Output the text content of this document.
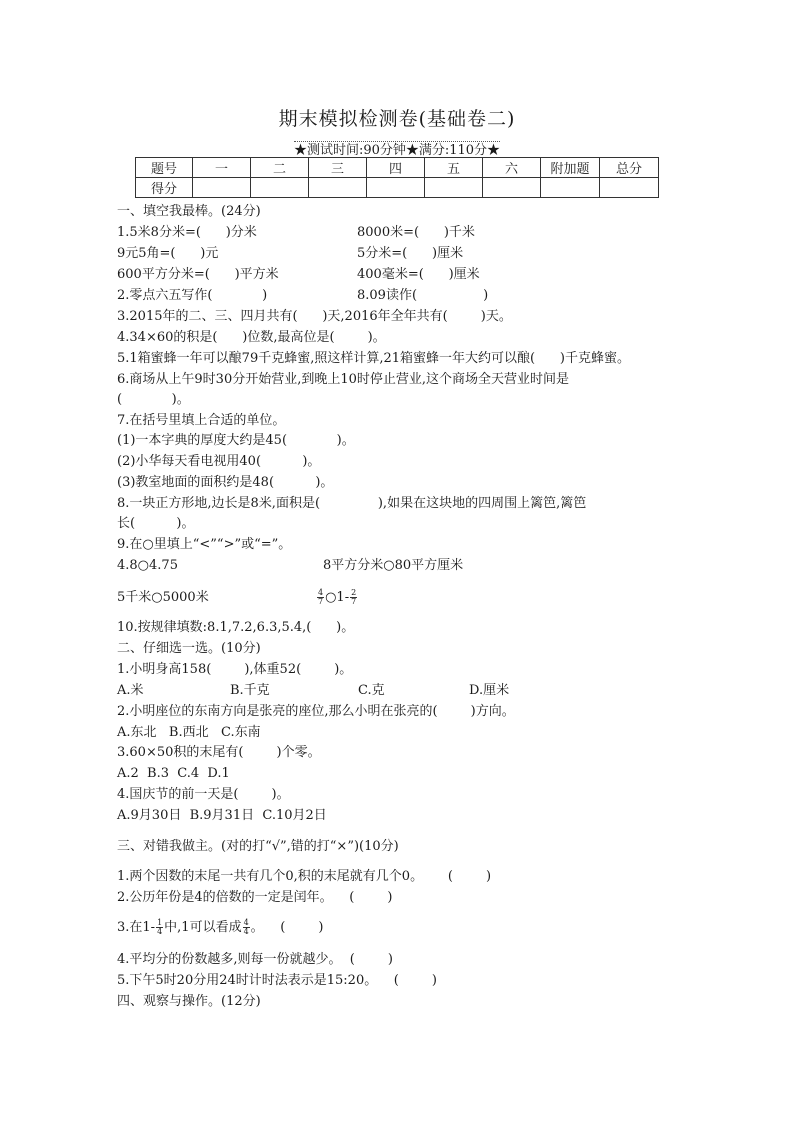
期末模拟检测卷(基础卷二)
★测试时间:90分钟★满分:110分★
题号	一	二	三	四	五	六	附加题	总分
得分								
一、填空我最棒。(24分)
1.5米8分米=(      )分米	8000米=(      )千米
9元5角=(      )元	5分米=(      )厘米
600平方分米=(      )平方米	400毫米=(      )厘米
2.零点六五写作(            )	8.09读作(                )
3.2015年的二、三、四月共有(      )天,2016年全年共有(        )天。
4.34×60的积是(      )位数,最高位是(        )。
5.1箱蜜蜂一年可以酿79千克蜂蜜,照这样计算,21箱蜜蜂一年大约可以酿(      )千克蜂蜜。
6.商场从上午9时30分开始营业,到晚上10时停止营业,这个商场全天营业时间是
(            )。
7.在括号里填上合适的单位。
(1)一本字典的厚度大约是45(            )。
(2)小华每天看电视用40(          )。
(3)教室地面的面积约是48(          )。
8.一块正方形地,边长是8米,面积是(              ),如果在这块地的四周围上篱笆,篱笆
长(          )。
9.在○里填上“<”“>”或“=”。
4.8○4.75	8平方分米○80平方厘米
5千米○5000米	$\frac{4}{7}$ ○1- $\frac{2}{7}$
10.按规律填数:8.1,7.2,6.3,5.4,(      )。
二、仔细选一选。(10分)
1.小明身高158(        ),体重52(        )。
A.米	B.千克	C.克	D.厘米
2.小明座位的东南方向是张亮的座位,那么小明在张亮的(        )方向。
A.东北   B.西北   C.东南
3.60×50积的末尾有(        )个零。
A.2  B.3  C.4  D.1
4.国庆节的前一天是(        )。
A.9月30日  B.9月31日  C.10月2日
三、对错我做主。(对的打“√”,错的打“×”)(10分)
1.两个因数的末尾一共有几个0,积的末尾就有几个0。      (        )
2.公历年份是4的倍数的一定是闰年。    (        )
3.在$1- \frac{1}{4}$ 中,1可以看成 $\frac{4}{4}$ 。    (        )
4.平均分的份数越多,则每一份就越少。  (        )
5.下午5时20分用24时计时法表示是15:20。    (        )
四、观察与操作。(12分)
